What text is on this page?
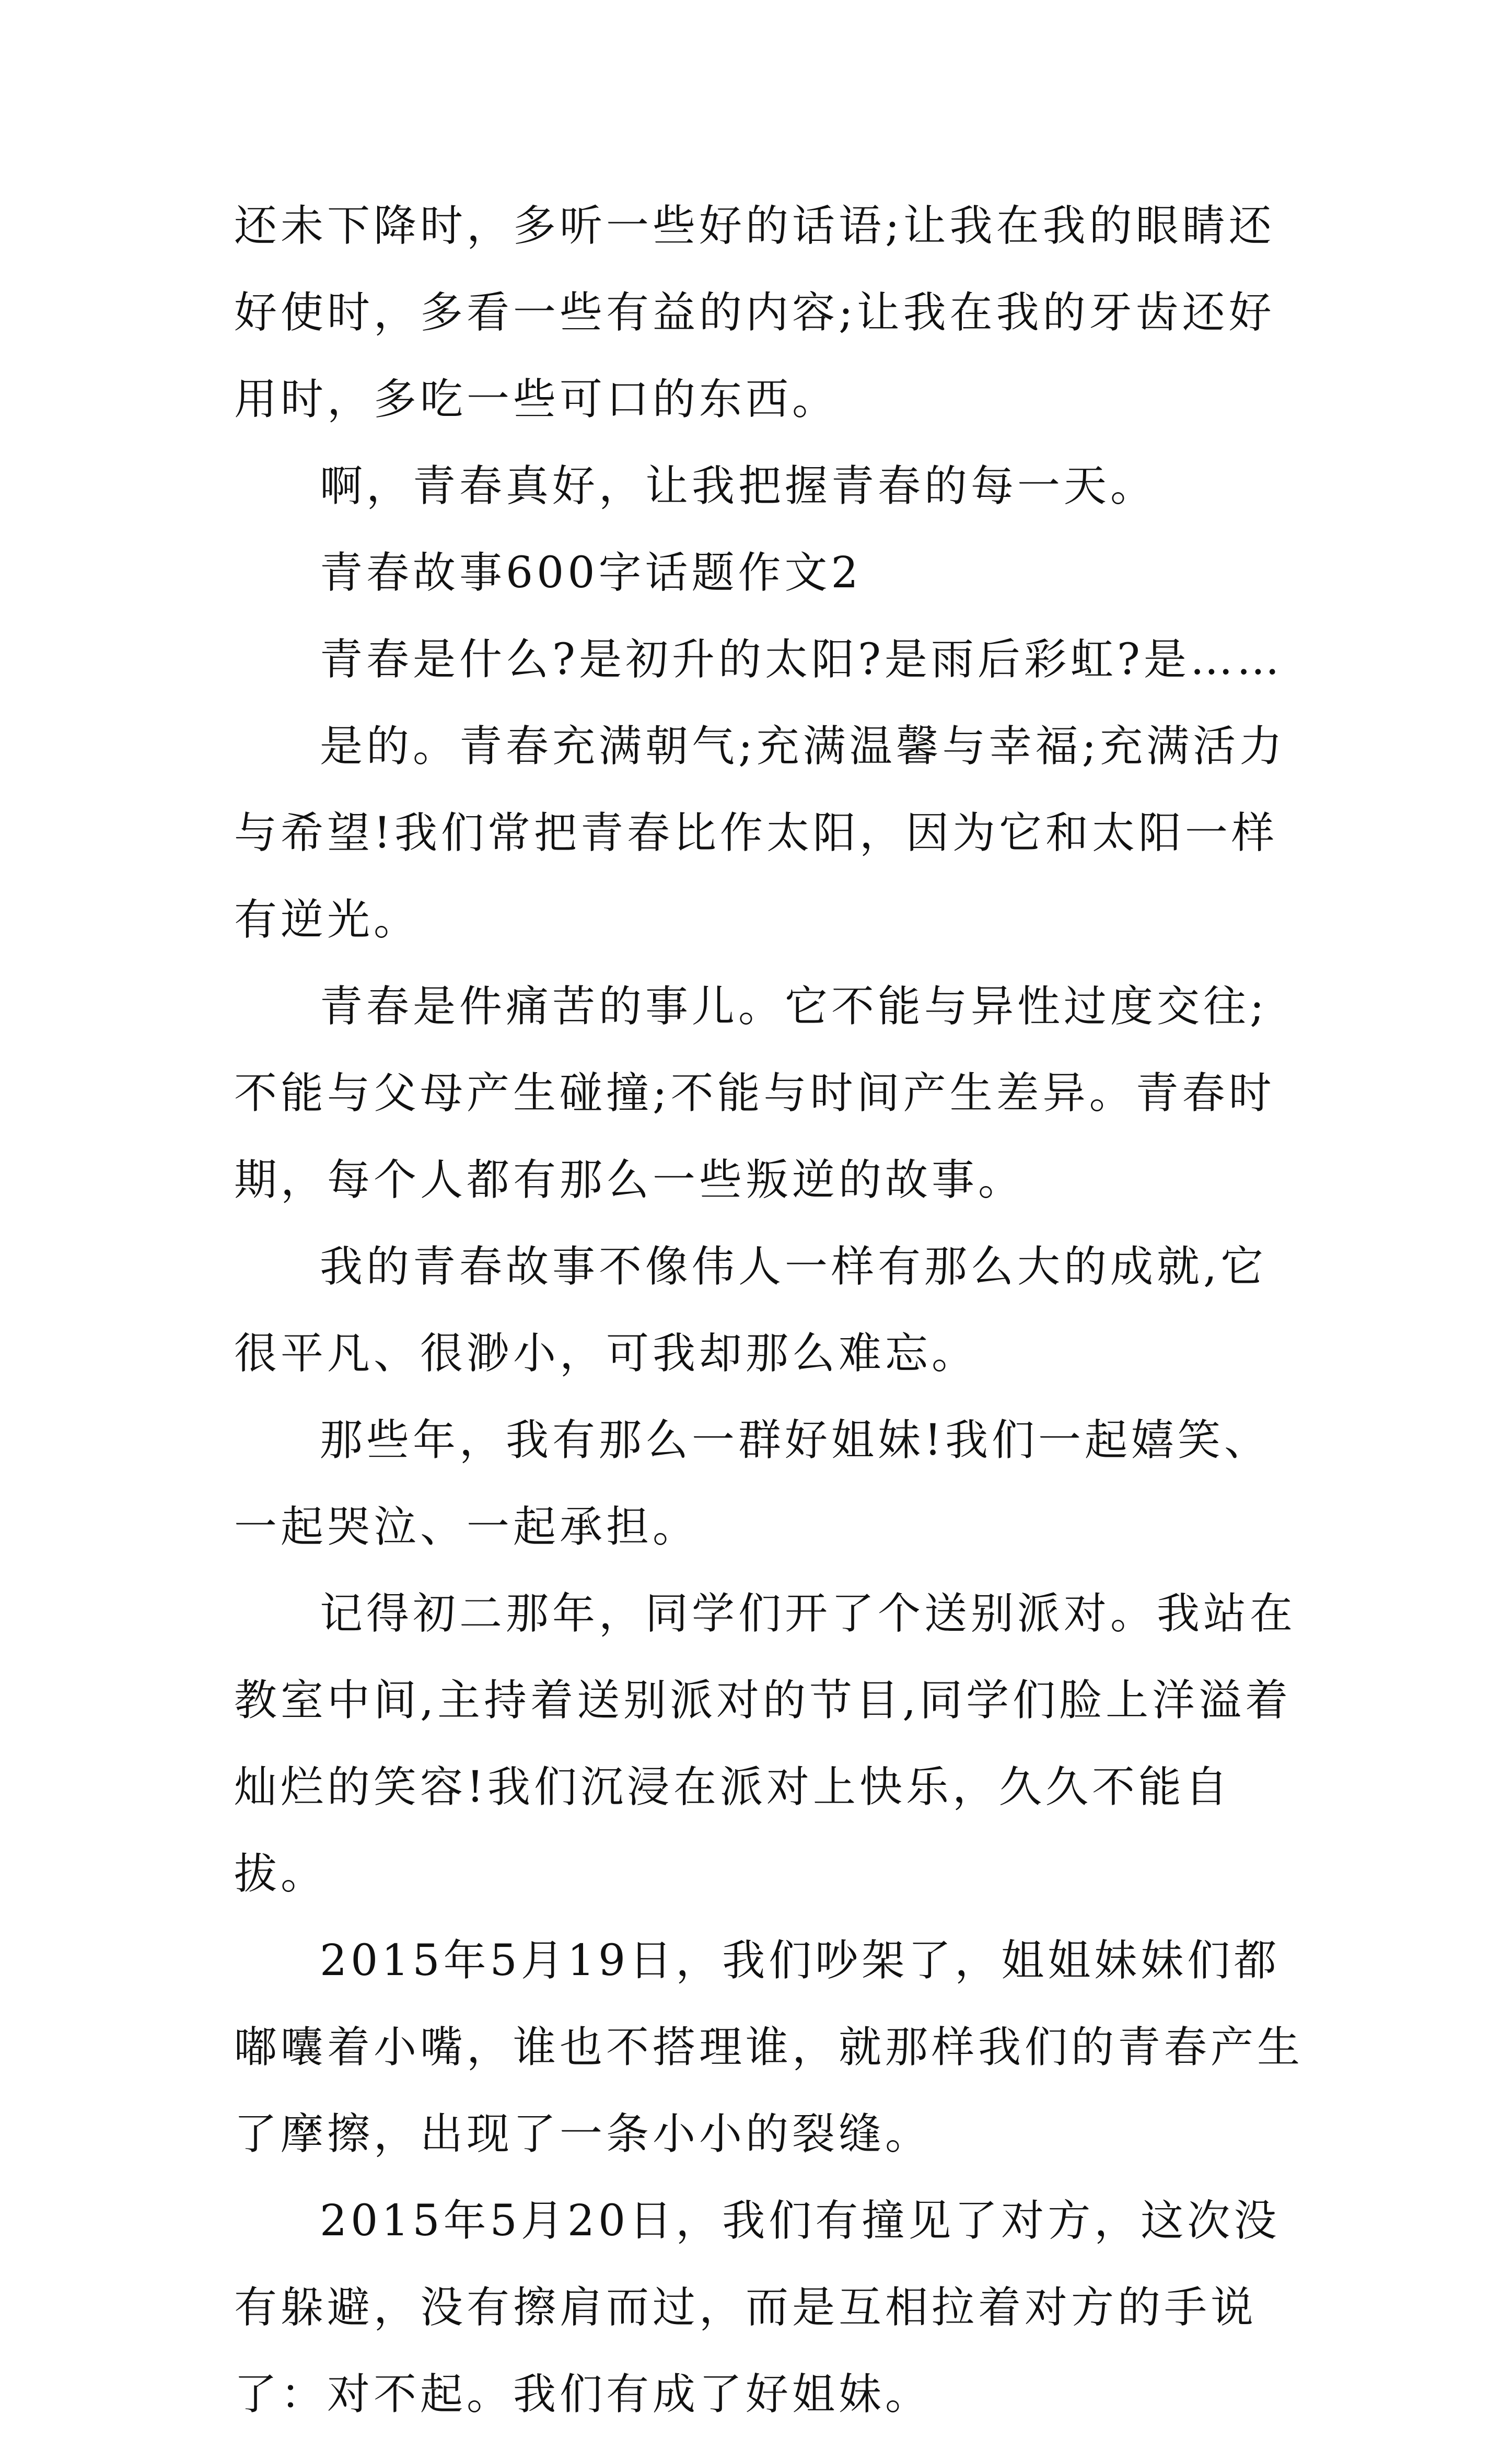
还未下降时，多听一些好的话语;让我在我的眼睛还好使时，多看一些有益的内容;让我在我的牙齿还好用时，多吃一些可口的东西。

啊，青春真好，让我把握青春的每一天。

青春故事600字话题作文2

青春是什么?是初升的太阳?是雨后彩虹?是……

是的。青春充满朝气;充满温馨与幸福;充满活力与希望!我们常把青春比作太阳，因为它和太阳一样有逆光。

青春是件痛苦的事儿。它不能与异性过度交往;不能与父母产生碰撞;不能与时间产生差异。青春时期，每个人都有那么一些叛逆的故事。

我的青春故事不像伟人一样有那么大的成就,它很平凡、很渺小，可我却那么难忘。

那些年，我有那么一群好姐妹!我们一起嬉笑、一起哭泣、一起承担。

记得初二那年，同学们开了个送别派对。我站在教室中间,主持着送别派对的节目,同学们脸上洋溢着灿烂的笑容!我们沉浸在派对上快乐，久久不能自拔。

2015年5月19日，我们吵架了，姐姐妹妹们都嘟囔着小嘴，谁也不搭理谁，就那样我们的青春产生了摩擦，出现了一条小小的裂缝。

2015年5月20日，我们有撞见了对方，这次没有躲避，没有擦肩而过，而是互相拉着对方的手说了：对不起。我们有成了好姐妹。
